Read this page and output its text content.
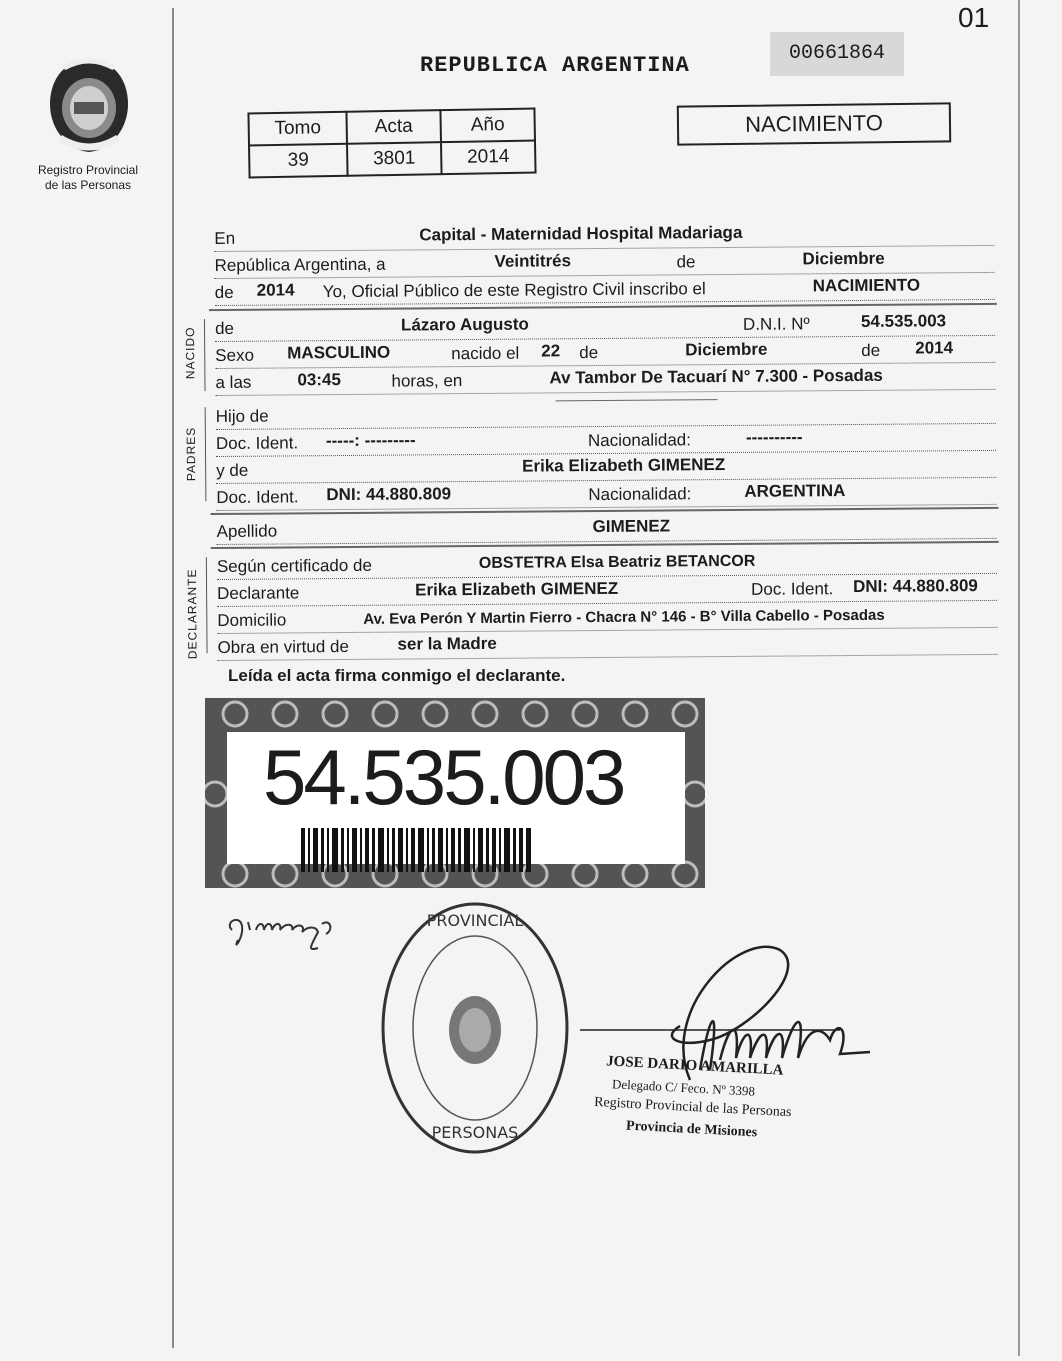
01
Registro Provincial
de las Personas
REPUBLICA ARGENTINA	00661864
Tomo	Acta	Año
39	3801	2014
NACIMIENTO
En	Capital - Maternidad Hospital Madariaga
República Argentina, a	Veintitrés	de	Diciembre
de 2014 Yo, Oficial Público de este Registro Civil inscribo el	NACIMIENTO
NACIDO de	Lázaro Augusto	D.N.I. Nº	54.535.003
Sexo MASCULINO	nacido el 22 de	Diciembre	de 2014
a las	03:45	horas, en	Av Tambor De Tacuarí N° 7.300 - Posadas
PADRES
Hijo de
Doc. Ident. -----: ---------	Nacionalidad:	----------
y de	Erika Elizabeth GIMENEZ
Doc. Ident. DNI: 44.880.809	Nacionalidad:	ARGENTINA
Apellido	GIMENEZ
DECLARANTE
Según certificado de	OBSTETRA Elsa Beatriz BETANCOR
Declarante	Erika Elizabeth GIMENEZ	Doc. Ident. DNI: 44.880.809
Domicilio	Av. Eva Perón Y Martin Fierro - Chacra N° 146 - B° Villa Cabello - Posadas
Obra en virtud de	ser la Madre
Leída el acta firma conmigo el declarante.
54.535.003
PROVINCIAL
PERSONAS
JOSE DARIO AMARILLA
Delegado C/ Feco. Nº 3398
Registro Provincial de las Personas
Provincia de Misiones
